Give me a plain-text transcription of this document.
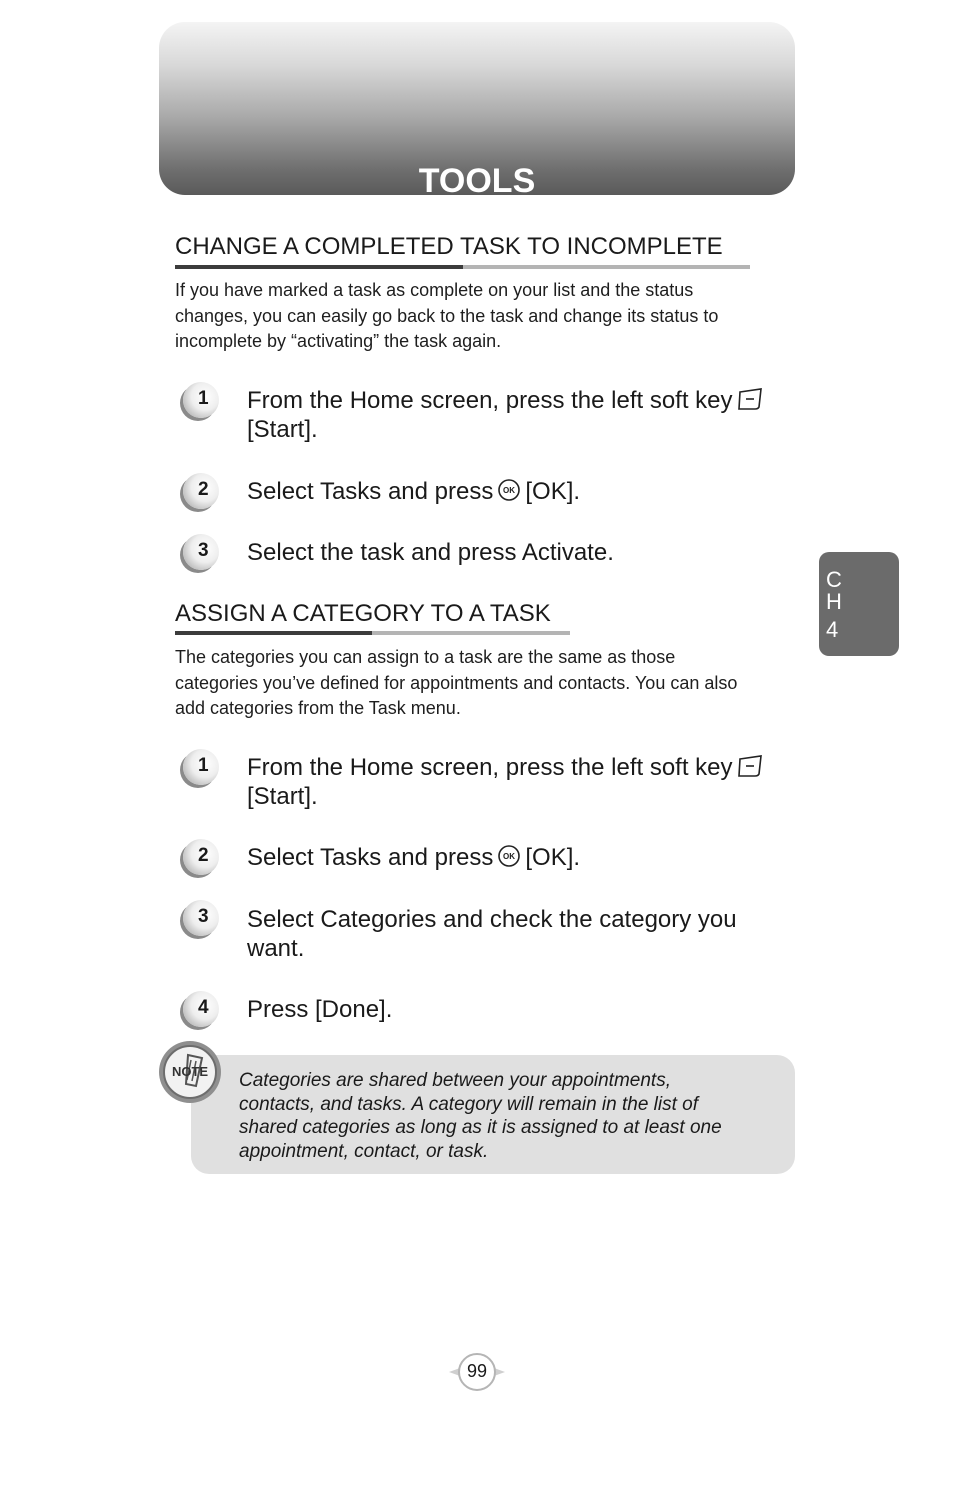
TOOLS
CHANGE A COMPLETED TASK TO INCOMPLETE
If you have marked a task as complete on your list and the status
changes, you can easily go back to the task and change its status to
incomplete by “activating” the task again.
1 From the Home screen, press the left soft key
[Start].
2 Select Tasks and press OK [OK].
3 Select the task and press Activate.
ASSIGN A CATEGORY TO A TASK
The categories you can assign to a task are the same as those
categories you’ve defined for appointments and contacts. You can also
add categories from the Task menu.
1 From the Home screen, press the left soft key
[Start].
2 Select Tasks and press OK [OK].
3 Select Categories and check the category you
want.
4 Press [Done].
C
H
4
NOTE Categories are shared between your appointments,
contacts, and tasks. A category will remain in the list of
shared categories as long as it is assigned to at least one
appointment, contact, or task.
99
